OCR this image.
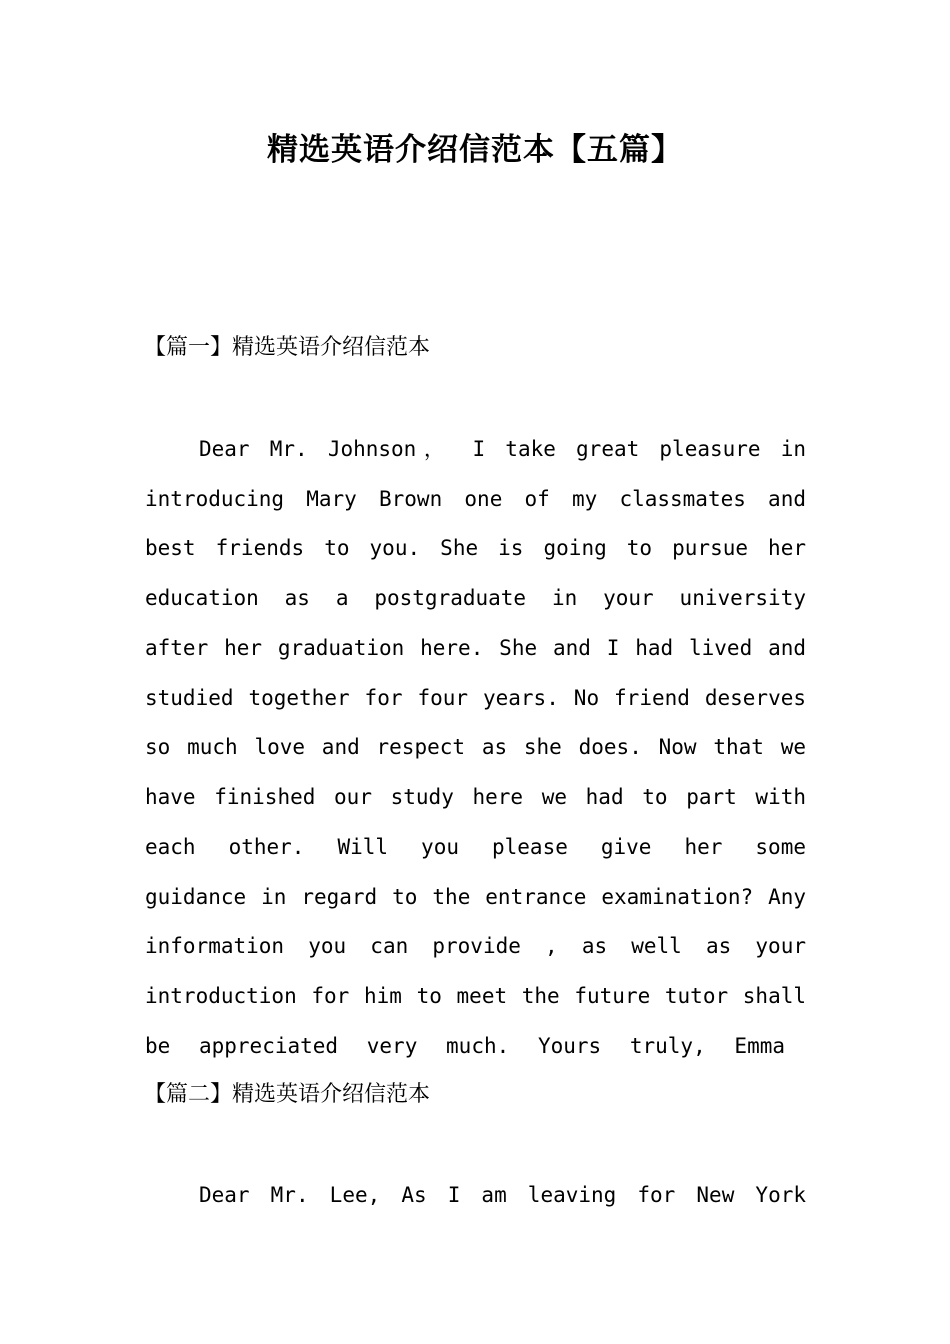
精选英语介绍信范本【五篇】
【篇一】精选英语介绍信范本
Dear Mr. Johnson， I take great pleasure in
introducing Mary Brown one of my classmates and
best friends to you. She is going to pursue her
education as a postgraduate in your university
after her graduation here. She and I had lived and
studied together for four years. No friend deserves
so much love and respect as she does. Now that we
have finished our study here we had to part with
each other. Will you please give her some
guidance in regard to the entrance examination? Any
information you can provide , as well as your
introduction for him to meet the future tutor shall
be appreciated very much. Yours truly, Emma
【篇二】精选英语介绍信范本
Dear Mr. Lee, As I am leaving for New York
